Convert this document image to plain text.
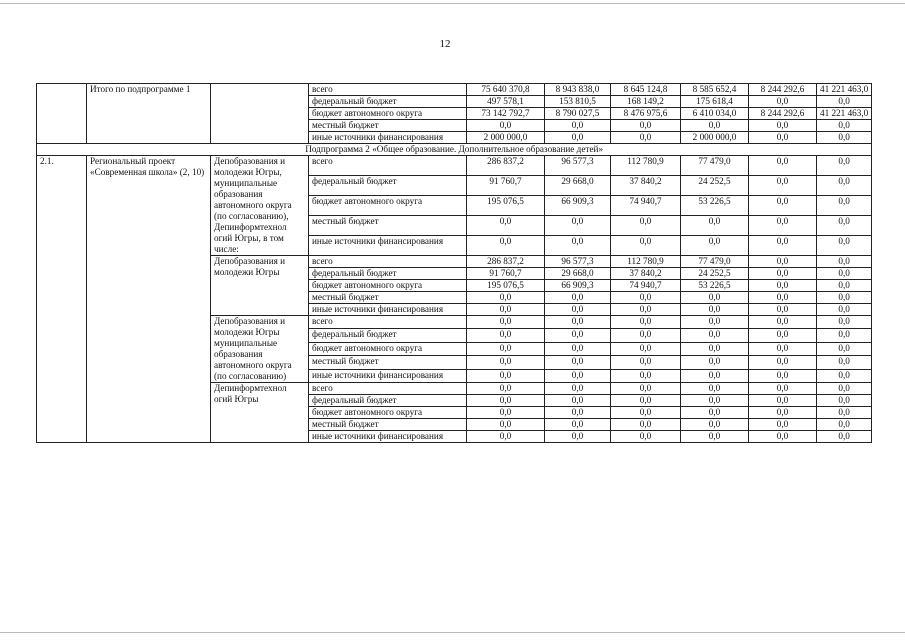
12
	Итого по подпрограмме 1		всего	75 640 370,8	8 943 838,0	8 645 124,8	8 585 652,4	8 244 292,6	41 221 463,0
			федеральный бюджет	497 578,1	153 810,5	168 149,2	175 618,4	0,0	0,0
			бюджет автономного округа	73 142 792,7	8 790 027,5	8 476 975,6	6 410 034,0	8 244 292,6	41 221 463,0
			местный бюджет	0,0	0,0	0,0	0,0	0,0	0,0
			иные источники финансирования	2 000 000,0	0,0	0,0	2 000 000,0	0,0	0,0
Подпрограмма 2 «Общее образование. Дополнительное образование детей»									
2.1.	Региональный проект «Современная школа» (2, 10)	Депобразования и молодежи Югры, муниципальные образования автономного округа (по согласованию), Депинформтехнол огий Югры, в том числе:	всего	286 837,2	96 577,3	112 780,9	77 479,0	0,0	0,0
			федеральный бюджет	91 760,7	29 668,0	37 840,2	24 252,5	0,0	0,0
			бюджет автономного округа	195 076,5	66 909,3	74 940,7	53 226,5	0,0	0,0
			местный бюджет	0,0	0,0	0,0	0,0	0,0	0,0
			иные источники финансирования	0,0	0,0	0,0	0,0	0,0	0,0
		Депобразования и молодежи Югры	всего	286 837,2	96 577,3	112 780,9	77 479,0	0,0	0,0
			федеральный бюджет	91 760,7	29 668,0	37 840,2	24 252,5	0,0	0,0
			бюджет автономного округа	195 076,5	66 909,3	74 940,7	53 226,5	0,0	0,0
			местный бюджет	0,0	0,0	0,0	0,0	0,0	0,0
			иные источники финансирования	0,0	0,0	0,0	0,0	0,0	0,0
		Депобразования и молодежи Югры муниципальные образования автономного округа (по согласованию)	всего	0,0	0,0	0,0	0,0	0,0	0,0
			федеральный бюджет	0,0	0,0	0,0	0,0	0,0	0,0
			бюджет автономного округа	0,0	0,0	0,0	0,0	0,0	0,0
			местный бюджет	0,0	0,0	0,0	0,0	0,0	0,0
			иные источники финансирования	0,0	0,0	0,0	0,0	0,0	0,0
		Депинформтехнол огий Югры	всего	0,0	0,0	0,0	0,0	0,0	0,0
			федеральный бюджет	0,0	0,0	0,0	0,0	0,0	0,0
			бюджет автономного округа	0,0	0,0	0,0	0,0	0,0	0,0
			местный бюджет	0,0	0,0	0,0	0,0	0,0	0,0
			иные источники финансирования	0,0	0,0	0,0	0,0	0,0	0,0
